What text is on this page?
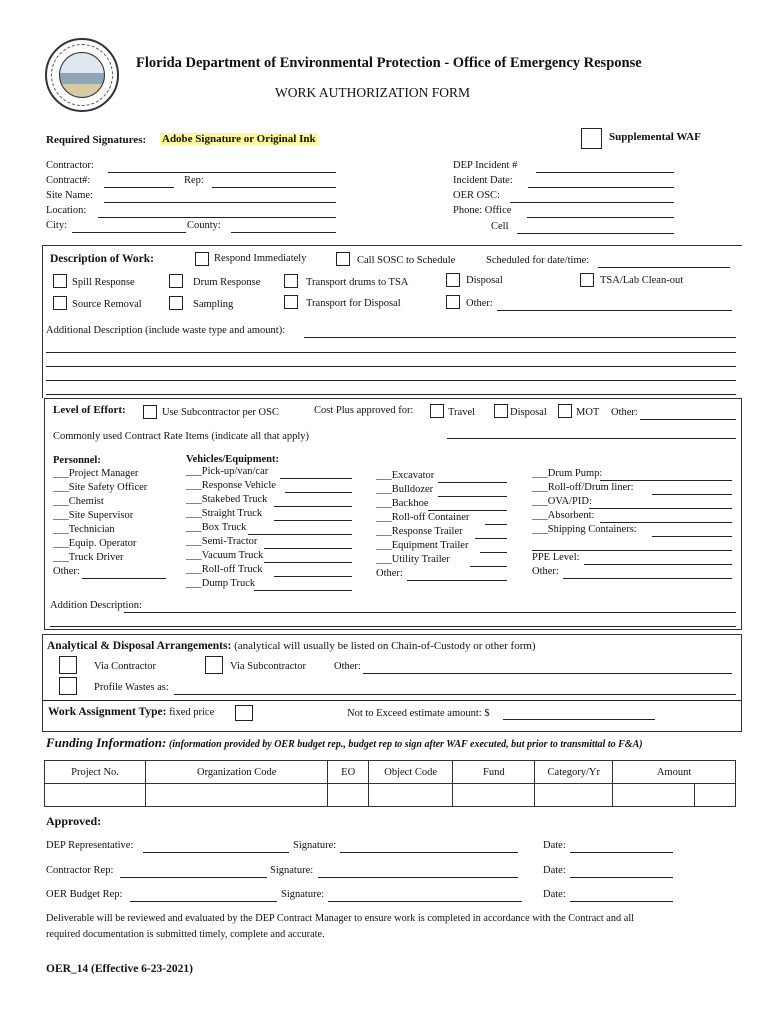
Florida Department of Environmental Protection - Office of Emergency Response
WORK AUTHORIZATION FORM
Required Signatures: Adobe Signature or Original Ink	Supplemental WAF
Contractor:
Contract#:	Rep:
Site Name:
Location:
City:	County:
DEP Incident #
Incident Date:
OER OSC:
Phone: Office
Cell
Description of Work:	Respond Immediately	Call SOSC to Schedule	Scheduled for date/time:
Spill Response	Drum Response	Transport drums to TSA	Disposal	TSA/Lab Clean-out
Source Removal	Sampling	Transport for Disposal	Other:
Additional Description (include waste type and amount):
Level of Effort:	Use Subcontractor per OSC	Cost Plus approved for:	Travel	Disposal	MOT Other:
Commonly used Contract Rate Items (indicate all that apply)
Personnel:	Vehicles/Equipment:
___Project Manager
___Site Safety Officer
___Chemist
___Site Supervisor
___Technician
___Equip. Operator
___Truck Driver
Other:
___Pick-up/van/car
___Response Vehicle
___Stakebed Truck
___Straight Truck
___Box Truck
___Semi-Tractor
___Vacuum Truck
___Roll-off Truck
___Dump Truck
___Excavator
___Bulldozer
___Backhoe
___Roll-off Container
___Response Trailer
___Equipment Trailer
___Utility Trailer
Other:
___Drum Pump:
___Roll-off/Drum liner:
___OVA/PID:
___Absorbent:
___Shipping Containers:
PPE Level:
Other:
Addition Description:
Analytical & Disposal Arrangements: (analytical will usually be listed on Chain-of-Custody or other form)
Via Contractor	Via Subcontractor	Other:
Profile Wastes as:
Work Assignment Type: fixed price	Not to Exceed estimate amount: $
Funding Information: (information provided by OER budget rep., budget rep to sign after WAF executed, but prior to transmittal to F&A)
Project No.	Organization Code	EO	Object Code	Fund	Category/Yr	Amount	

Approved:
DEP Representative:	Signature:	Date:
Contractor Rep:	Signature:	Date:
OER Budget Rep:	Signature:	Date:
Deliverable will be reviewed and evaluated by the DEP Contract Manager to ensure work is completed in accordance with the Contract and all
required documentation is submitted timely, complete and accurate.
OER_14 (Effective 6-23-2021)
